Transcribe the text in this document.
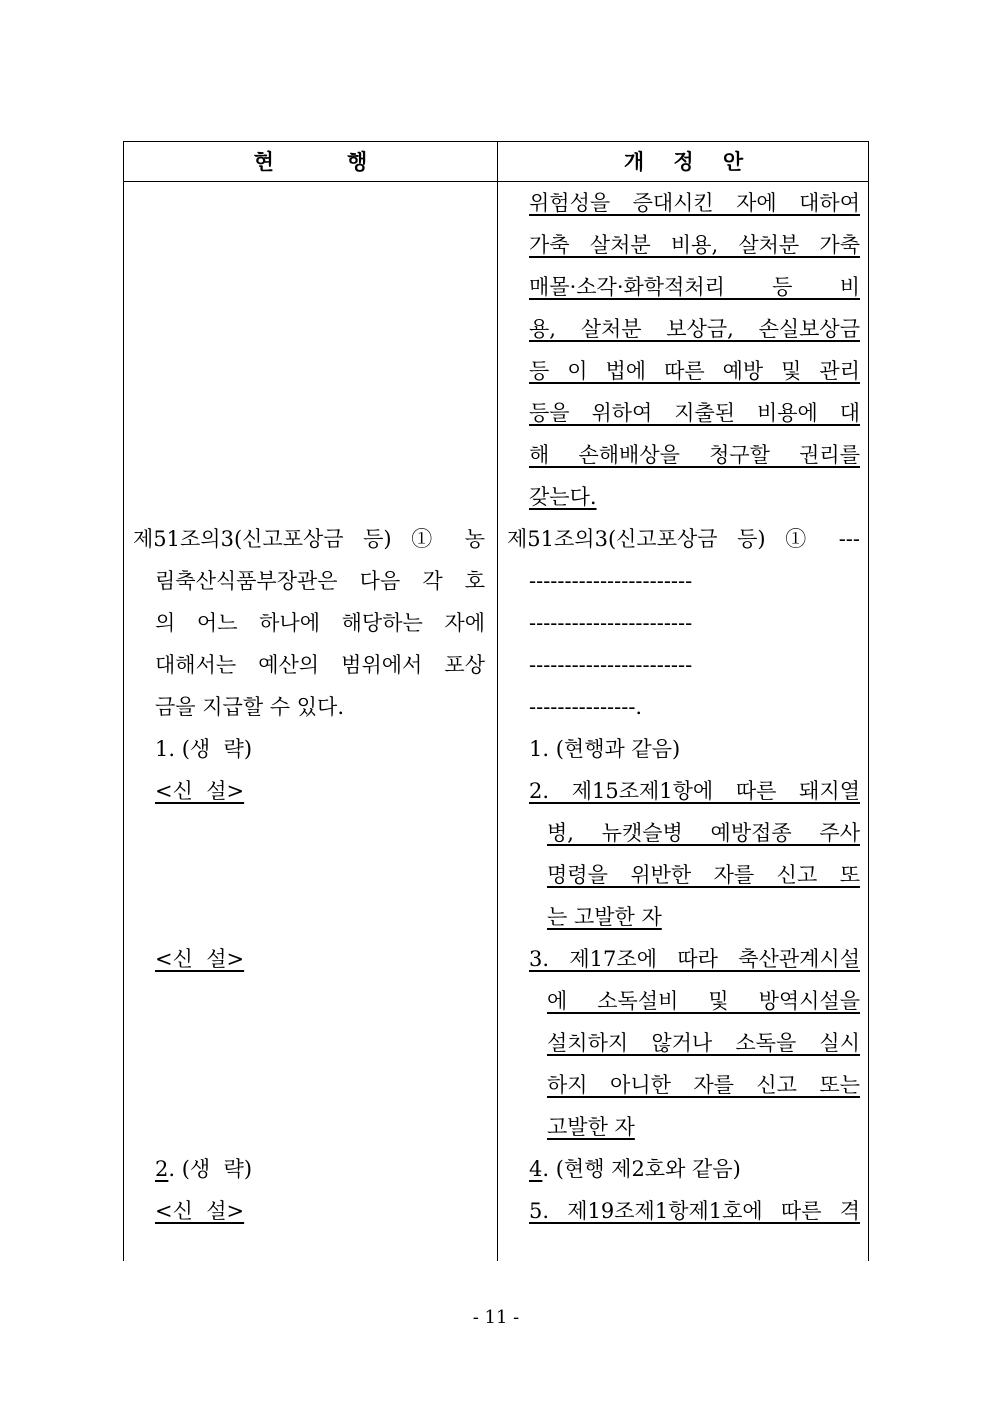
현          행	개    정    안
위험성을 증대시킨 자에 대하여
가축 살처분 비용, 살처분 가축
매몰·소각·화학적처리 등 비
용, 살처분 보상금, 손실보상금
등 이 법에 따른 예방 및 관리
등을 위하여 지출된 비용에 대
해 손해배상을 청구할 권리를
갖는다.
제51조의3(신고포상금 등) ① 농
림축산식품부장관은 다음 각 호
의 어느 하나에 해당하는 자에
대해서는 예산의 범위에서 포상
금을 지급할 수 있다.
제51조의3(신고포상금 등) ① ---
-----------------------
-----------------------
-----------------------
---------------.
1. (생  략)
<신  설>
<신  설>
2. (생  략)
<신  설>
1. (현행과 같음)
2. 제15조제1항에 따른 돼지열
병, 뉴캣슬병 예방접종 주사
명령을 위반한 자를 신고 또
는 고발한 자
3. 제17조에 따라 축산관계시설
에 소독설비 및 방역시설을
설치하지 않거나 소독을 실시
하지 아니한 자를 신고 또는
고발한 자
4. (현행 제2호와 같음)
5. 제19조제1항제1호에 따른 격
- 11 -
